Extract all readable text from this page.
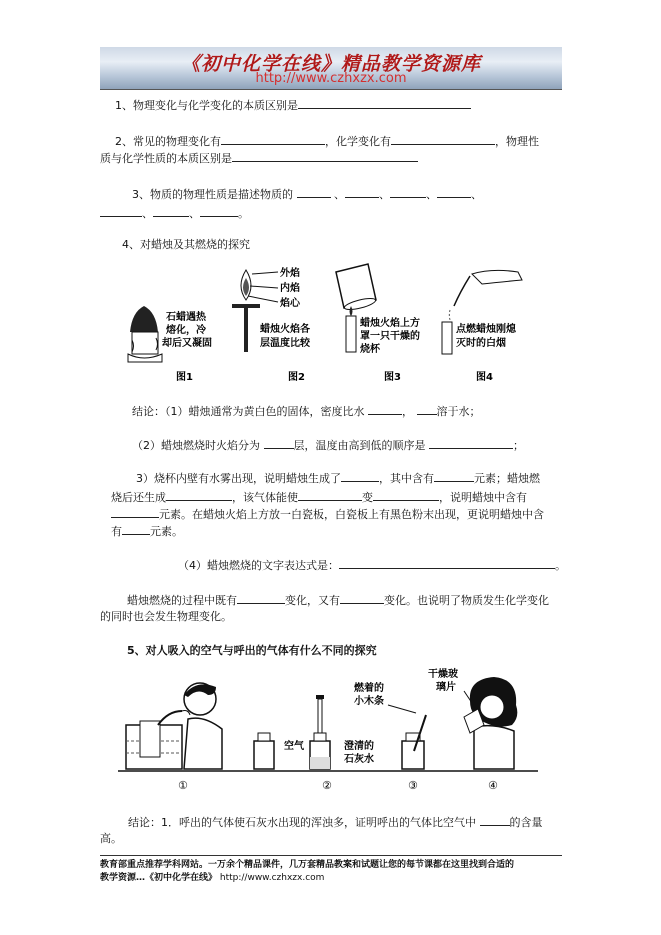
《初中化学在线》精品教学资源库
http://www.czhxzx.com
1、物理变化与化学变化的本质区别是
2、常见的物理变化有	，化学变化有	，物理性
质与化学性质的本质区别是
3、物质的物理性质是描述物质的	、	、	、	、
、	、	。
4、对蜡烛及其燃烧的探究
石蜡遇热
熔化，冷
却后又凝固
外焰
内焰
焰心
蜡烛火焰各
层温度比较
蜡烛火焰上方
罩一只干燥的
烧杯
点燃蜡烛刚熄
灭时的白烟
图1	图2	图3	图4
结论：（1）蜡烛通常为黄白色的固体，密度比水	， 溶于水；
（2）蜡烛燃烧时火焰分为	层，温度由高到低的顺序是	；
3）烧杯内壁有水雾出现，说明蜡烛生成了	，其中含有	元素；蜡烛燃
烧后还生成	，该气体能使	变	，说明蜡烛中含有
元素。在蜡烛火焰上方放一白瓷板，白瓷板上有黑色粉末出现，更说明蜡烛中含
有	元素。
（4）蜡烛燃烧的文字表达式是：	。
蜡烛燃烧的过程中既有	变化，又有	变化。也说明了物质发生化学变化
的同时也会发生物理变化。
5、对人吸入的空气与呼出的气体有什么不同的探究
空气	澄清的
石灰水
燃着的
小木条
干燥玻
璃片
①	②	③	④
结论：1．呼出的气体使石灰水出现的浑浊多，证明呼出的气体比空气中	的含量
高。
教育部重点推荐学科网站。一万余个精品课件，几万套精品教案和试题让您的每节课都在这里找到合适的
教学资源…《初中化学在线》 http://www.czhxzx.com
